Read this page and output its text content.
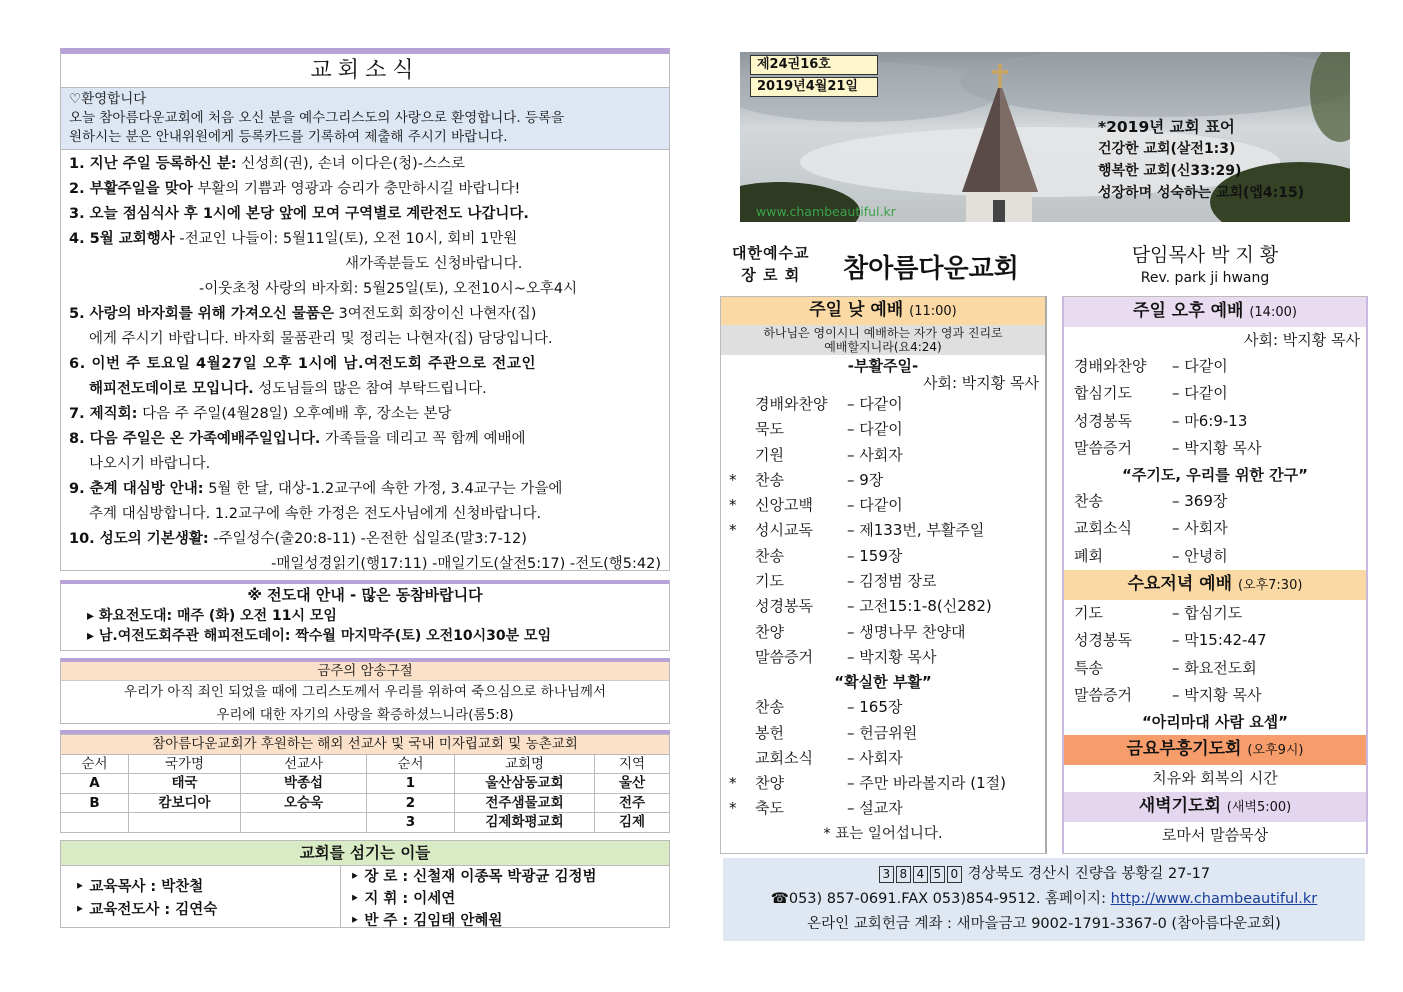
교회소식
♡환영합니다
오늘 참아름다운교회에 처음 오신 분을 예수그리스도의 사랑으로 환영합니다. 등록을
원하시는 분은 안내위원에게 등록카드를 기록하여 제출해 주시기 바랍니다.
1. 지난 주일 등록하신 분: 신성희(권), 손녀 이다은(청)-스스로
2. 부활주일을 맞아 부활의 기쁨과 영광과 승리가 충만하시길 바랍니다!
3. 오늘 점심식사 후 1시에 본당 앞에 모여 구역별로 계란전도 나갑니다.
4. 5월 교회행사 -전교인 나들이: 5월11일(토), 오전 10시, 회비 1만원
새가족분들도 신청바랍니다.
-이웃초청 사랑의 바자회: 5월25일(토), 오전10시~오후4시
5. 사랑의 바자회를 위해 가져오신 물품은 3여전도회 회장이신 나현자(집)
에게 주시기 바랍니다. 바자회 물품관리 및 정리는 나현자(집) 담당입니다.
6. 이번 주 토요일 4월27일 오후 1시에 남.여전도회 주관으로 전교인
해피전도데이로 모입니다. 성도님들의 많은 참여 부탁드립니다.
7. 제직회: 다음 주 주일(4월28일) 오후예배 후, 장소는 본당
8. 다음 주일은 온 가족예배주일입니다. 가족들을 데리고 꼭 함께 예배에
나오시기 바랍니다.
9. 춘계 대심방 안내: 5월 한 달, 대상-1.2교구에 속한 가정, 3.4교구는 가을에
추계 대심방합니다. 1.2교구에 속한 가정은 전도사님에게 신청바랍니다.
10. 성도의 기본생활: -주일성수(출20:8-11) -온전한 십일조(말3:7-12)
-매일성경읽기(행17:11) -매일기도(살전5:17) -전도(행5:42)
※ 전도대 안내 - 많은 동참바랍니다
▸ 화요전도대: 매주 (화) 오전 11시 모임
▸ 남.여전도회주관 해피전도데이: 짝수월 마지막주(토) 오전10시30분 모임
금주의 암송구절
우리가 아직 죄인 되었을 때에 그리스도께서 우리를 위하여 죽으심으로 하나님께서
우리에 대한 자기의 사랑을 확증하셨느니라(롬5:8)
참아름다운교회가 후원하는 해외 선교사 및 국내 미자립교회 및 농촌교회					
순서	국가명	선교사	순서	교회명	지역
A	태국	박종섭	1	울산삼동교회	울산
B	캄보디아	오승욱	2	전주샘물교회	전주
			3	김제화평교회	김제
교회를 섬기는 이들
‣ 교육목사 : 박찬철
‣ 교육전도사 : 김연숙
‣ 장 로 : 신철재 이종목 박광균 김정범
‣ 지 휘 : 이세연
‣ 반 주 : 김임태 안혜원
제24권16호
2019년4월21일
*2019년 교회 표어
건강한 교회(살전1:3)
행복한 교회(신33:29)
성장하며 성숙하는 교회(엡4:15)
www.chambeautiful.kr
대한예수교
장 로 회	참아름다운교회	담임목사 박 지 황
Rev. park ji hwang
주일 낮 예배 (11:00)
하나님은 영이시니 예배하는 자가 영과 진리로
예배할지니라(요4:24)
-부활주일-
사회: 박지황 목사
경배와찬양 – 다같이
묵도	– 다같이
기원	– 사회자
* 찬송	– 9장
* 신앙고백 – 다같이
* 성시교독 – 제133번, 부활주일
찬송	– 159장
기도	– 김정범 장로
성경봉독 – 고전15:1-8(신282)
찬양	– 생명나무 찬양대
말씀증거 – 박지황 목사
“확실한 부활”
찬송	– 165장
봉헌	– 헌금위원
교회소식 – 사회자
* 찬양	– 주만 바라볼지라 (1절)
* 축도	– 설교자
* 표는 일어섭니다.
주일 오후 예배 (14:00)
사회: 박지황 목사
경배와찬양 – 다같이
합심기도	– 다같이
성경봉독	– 마6:9-13
말씀증거	– 박지황 목사
“주기도, 우리를 위한 간구”
찬송	– 369장
교회소식	– 사회자
폐회	– 안녕히
수요저녁 예배 (오후7:30)
기도	– 합심기도
성경봉독	– 막15:42-47
특송	– 화요전도회
말씀증거	– 박지황 목사
“아리마대 사람 요셉”
금요부흥기도회 (오후9시)
치유와 회복의 시간
새벽기도회 (새벽5:00)
로마서 말씀묵상
3 8 4 5 0 경상북도 경산시 진량읍 봉황길 27-17
☎053) 857-0691.FAX 053)854-9512. 홈페이지: http://www.chambeautiful.kr
온라인 교회헌금 계좌 : 새마을금고 9002-1791-3367-0 (참아름다운교회)
